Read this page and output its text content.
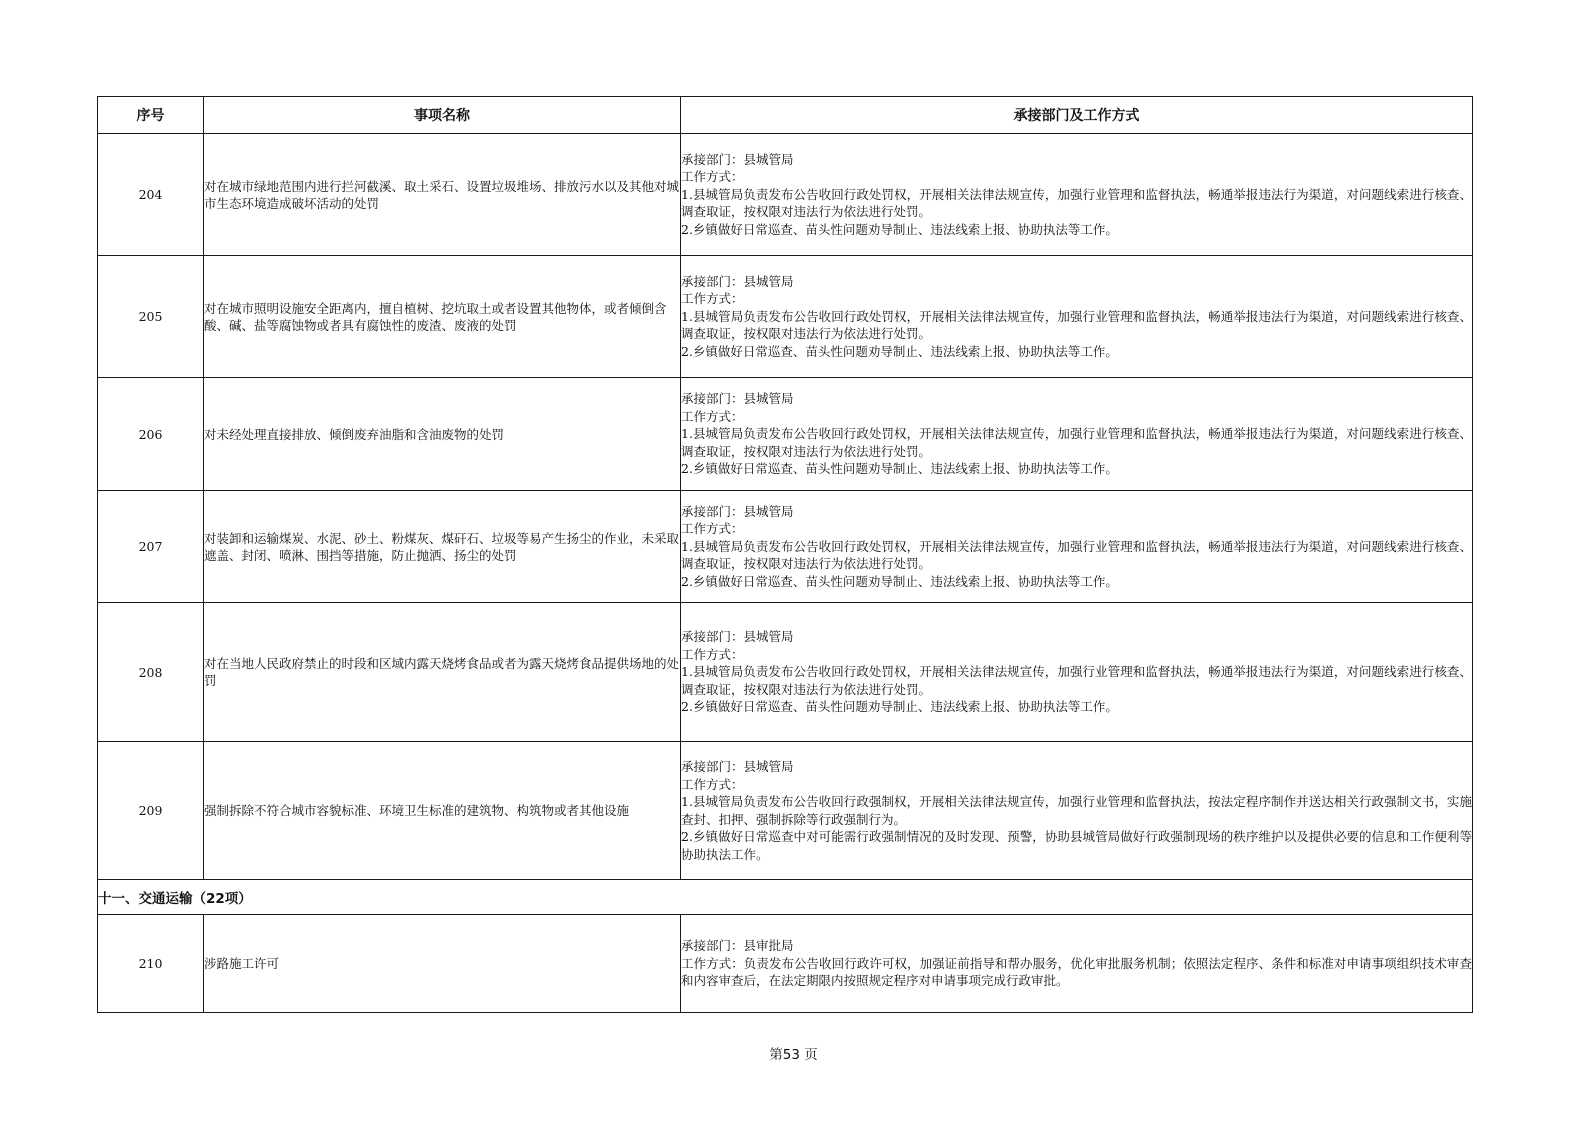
序号	事项名称	承接部门及工作方式
204	对在城市绿地范围内进行拦河截溪、取土采石、设置垃圾堆场、排放污水以及其他对城市生态环境造成破坏活动的处罚	承接部门：县城管局
工作方式：
1.县城管局负责发布公告收回行政处罚权，开展相关法律法规宣传，加强行业管理和监督执法，畅通举报违法行为渠道，对问题线索进行核查、调查取证，按权限对违法行为依法进行处罚。
2.乡镇做好日常巡查、苗头性问题劝导制止、违法线索上报、协助执法等工作。

205	对在城市照明设施安全距离内，擅自植树、挖坑取土或者设置其他物体，或者倾倒含酸、碱、盐等腐蚀物或者具有腐蚀性的废渣、废液的处罚	承接部门：县城管局
工作方式：
1.县城管局负责发布公告收回行政处罚权，开展相关法律法规宣传，加强行业管理和监督执法，畅通举报违法行为渠道，对问题线索进行核查、调查取证，按权限对违法行为依法进行处罚。
2.乡镇做好日常巡查、苗头性问题劝导制止、违法线索上报、协助执法等工作。

206	对未经处理直接排放、倾倒废弃油脂和含油废物的处罚	承接部门：县城管局
工作方式：
1.县城管局负责发布公告收回行政处罚权，开展相关法律法规宣传，加强行业管理和监督执法，畅通举报违法行为渠道，对问题线索进行核查、调查取证，按权限对违法行为依法进行处罚。
2.乡镇做好日常巡查、苗头性问题劝导制止、违法线索上报、协助执法等工作。

207	对装卸和运输煤炭、水泥、砂土、粉煤灰、煤矸石、垃圾等易产生扬尘的作业，未采取遮盖、封闭、喷淋、围挡等措施，防止抛洒、扬尘的处罚	承接部门：县城管局
工作方式：
1.县城管局负责发布公告收回行政处罚权，开展相关法律法规宣传，加强行业管理和监督执法，畅通举报违法行为渠道，对问题线索进行核查、调查取证，按权限对违法行为依法进行处罚。
2.乡镇做好日常巡查、苗头性问题劝导制止、违法线索上报、协助执法等工作。

208	对在当地人民政府禁止的时段和区域内露天烧烤食品或者为露天烧烤食品提供场地的处罚	承接部门：县城管局
工作方式：
1.县城管局负责发布公告收回行政处罚权，开展相关法律法规宣传，加强行业管理和监督执法，畅通举报违法行为渠道，对问题线索进行核查、调查取证，按权限对违法行为依法进行处罚。
2.乡镇做好日常巡查、苗头性问题劝导制止、违法线索上报、协助执法等工作。

209	强制拆除不符合城市容貌标准、环境卫生标准的建筑物、构筑物或者其他设施	承接部门：县城管局
工作方式：
1.县城管局负责发布公告收回行政强制权，开展相关法律法规宣传，加强行业管理和监督执法，按法定程序制作并送达相关行政强制文书，实施查封、扣押、强制拆除等行政强制行为。
2.乡镇做好日常巡查中对可能需行政强制情况的及时发现、预警，协助县城管局做好行政强制现场的秩序维护以及提供必要的信息和工作便利等协助执法工作。

十一、交通运输（22项）		
210	涉路施工许可	承接部门：县审批局
工作方式：负责发布公告收回行政许可权，加强证前指导和帮办服务，优化审批服务机制；依照法定程序、条件和标准对申请事项组织技术审查和内容审查后，在法定期限内按照规定程序对申请事项完成行政审批。
第53 页
